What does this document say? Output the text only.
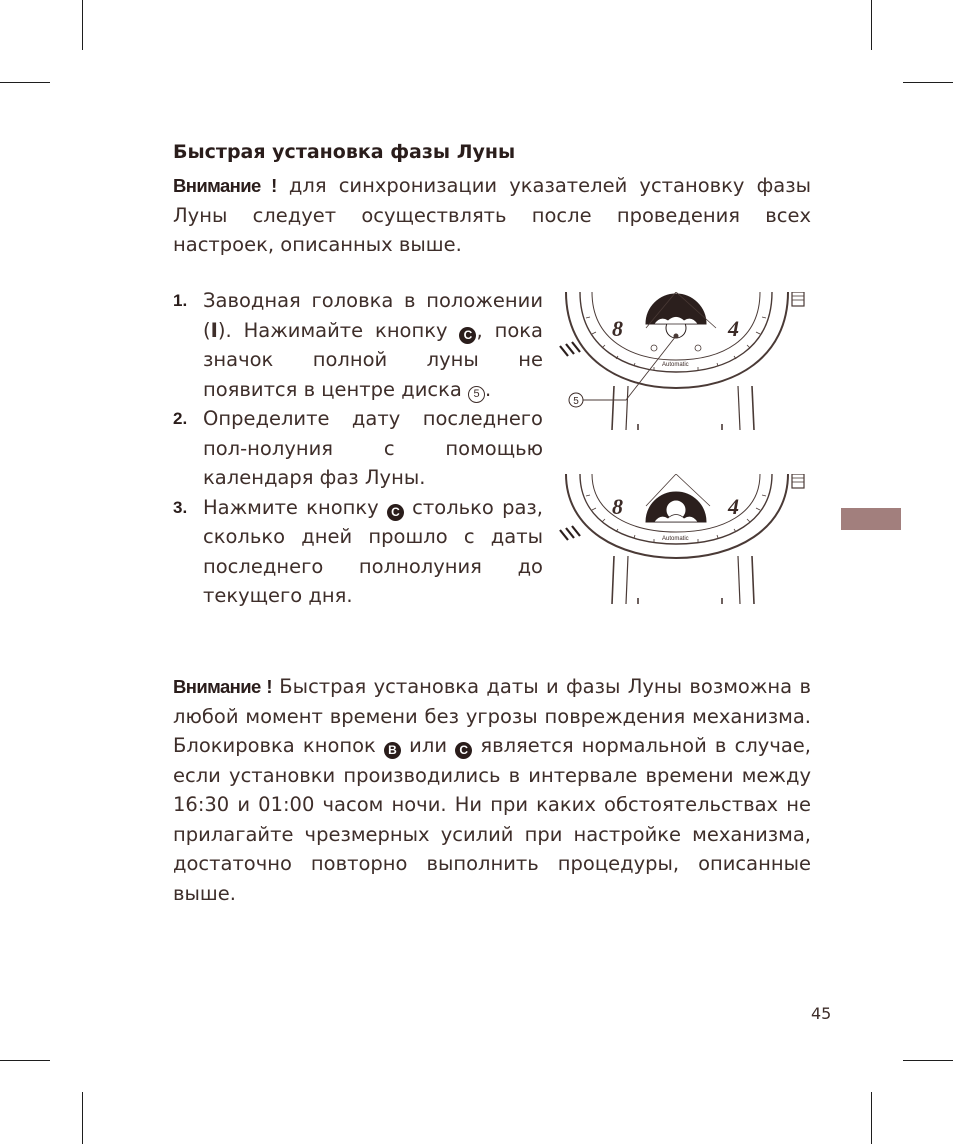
Быстрая установка фазы Луны

Внимание ! для синхронизации указателей установку фазы Луны следует осуществлять после проведения всех настроек, описанных выше.

1. Заводная головка в положении (I). Нажимайте кнопку C , пока значок полной луны не появится в центре диска 5 .
2. Определите дату последнего пол-нолуния с помощью календаря фаз Луны.
3. Нажмите кнопку C столько раз, сколько дней прошло с даты последнего полнолуния до текущего дня.
8	4
Automatic
5
8	4
Automatic

Внимание ! Быстрая установка даты и фазы Луны возможна в любой момент времени без угрозы повреждения механизма. Блокировка кнопок B или C является нормальной в случае, если установки производились в интервале времени между 16:30 и 01:00 часом ночи. Ни при каких обстоятельствах не прилагайте чрезмерных усилий при настройке механизма, достаточно повторно выполнить процедуры, описанные выше.

45
